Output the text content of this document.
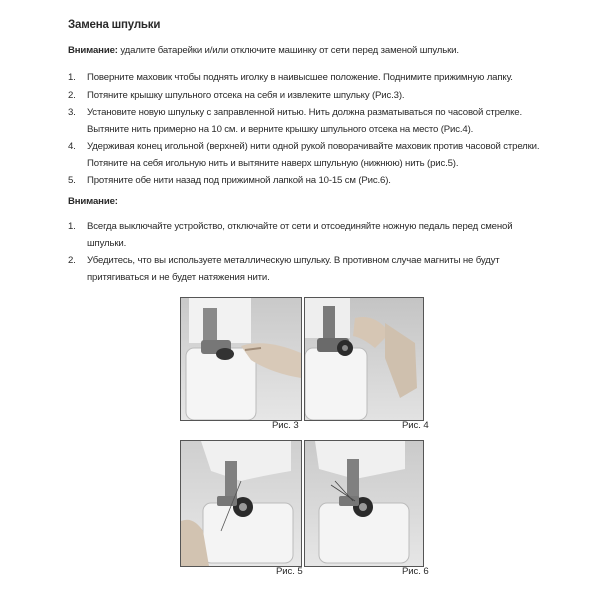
Замена шпульки
Внимание: удалите батарейки и/или отключите машинку от сети перед заменой шпульки.
1. Поверните маховик чтобы поднять иголку в наивысшее положение. Поднимите прижимную лапку.
2. Потяните крышку шпульного отсека на себя и извлеките шпульку (Рис.3).
3. Установите новую шпульку с заправленной нитью. Нить должна разматываться по часовой стрелке.
Вытяните нить примерно на 10 см. и верните крышку шпульного отсека на место (Рис.4).
4. Удерживая конец игольной (верхней) нити одной рукой поворачивайте маховик против часовой стрелки.
Потяните на себя игольную нить и вытяните наверх шпульную (нижнюю) нить (рис.5).
5. Протяните обе нити назад под прижимной лапкой на 10-15 см (Рис.6).
Внимание:
1. Всегда выключайте устройство, отключайте от сети и отсоединяйте ножную педаль перед сменой
шпульки.
2. Убедитесь, что вы используете металлическую шпульку. В противном случае магниты не будут
притягиваться и не будет натяжения нити.
Рис. 3	Рис. 4
Рис. 5	Рис. 6
